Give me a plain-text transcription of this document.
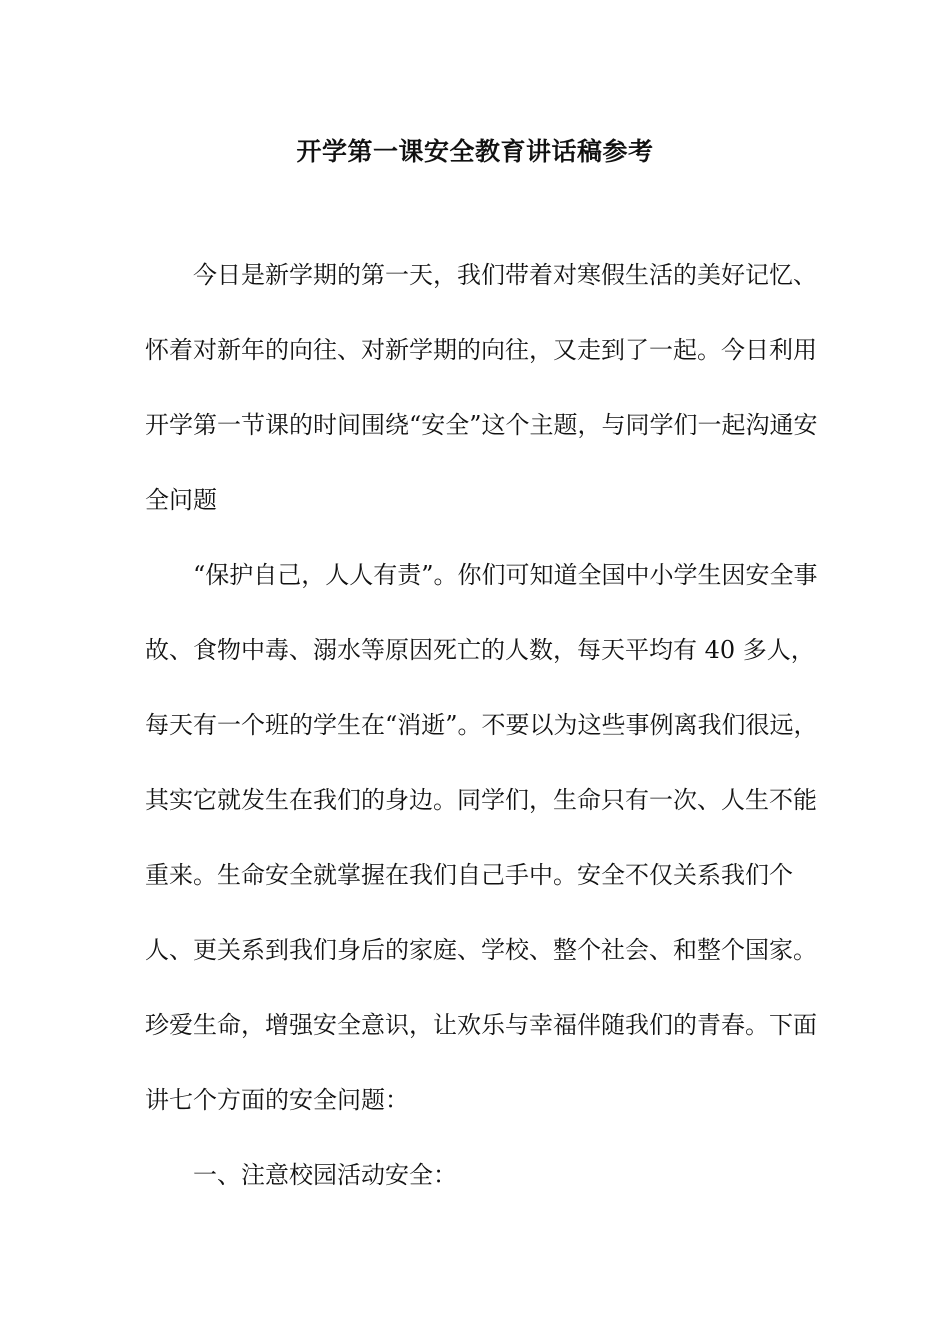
开学第一课安全教育讲话稿参考

今日是新学期的第一天，我们带着对寒假生活的美好记忆、怀着对新年的向往、对新学期的向往，又走到了一起。今日利用开学第一节课的时间围绕“安全”这个主题，与同学们一起沟通安全问题

“保护自己，人人有责”。你们可知道全国中小学生因安全事故、食物中毒、溺水等原因死亡的人数，每天平均有 40 多人，每天有一个班的学生在“消逝”。不要以为这些事例离我们很远，其实它就发生在我们的身边。同学们，生命只有一次、人生不能重来。生命安全就掌握在我们自己手中。安全不仅关系我们个人、更关系到我们身后的家庭、学校、整个社会、和整个国家。珍爱生命，增强安全意识，让欢乐与幸福伴随我们的青春。下面讲七个方面的安全问题：

一、注意校园活动安全：
